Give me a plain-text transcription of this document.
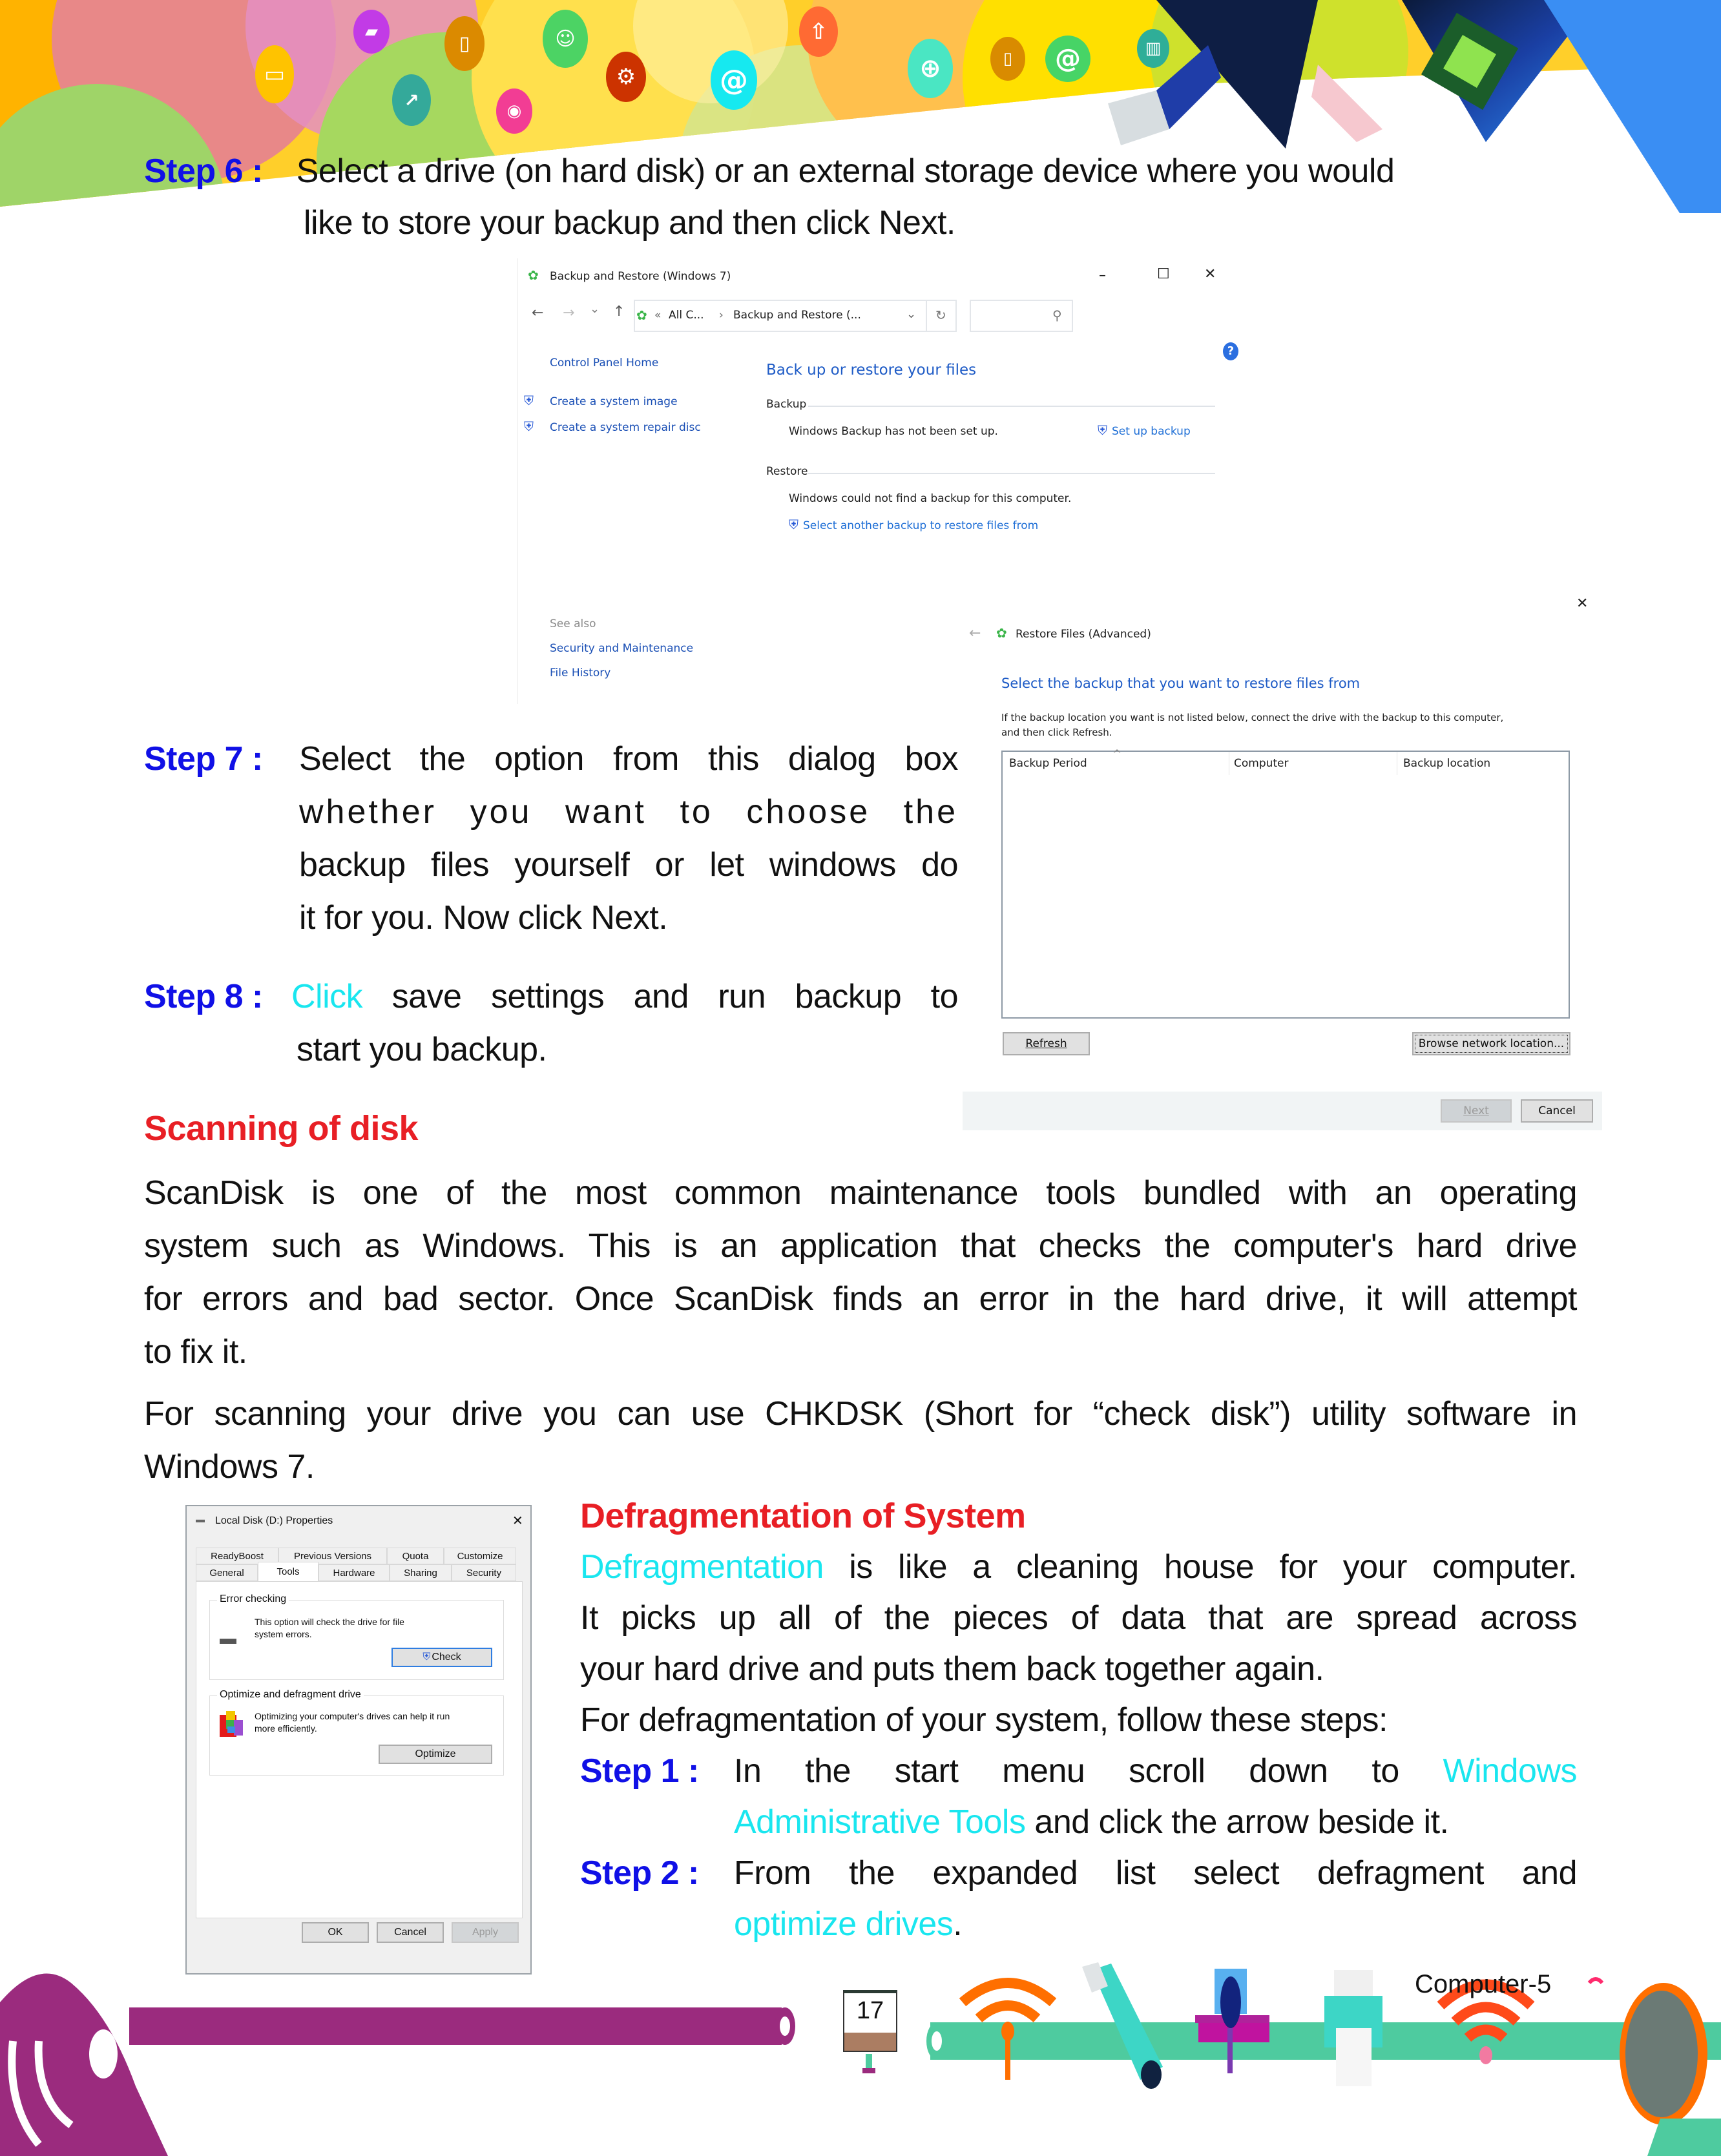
▭
▰
↗
▯
◉
☺
⚙	@
⇧
⊕	▯	@	▥
Step 6 : Select a drive (on hard disk) or an external storage device where you would
like to store your backup and then click Next.
✿ Backup and Restore (Windows 7)	–	☐ ✕
← → ⌄ ↑ ✿ « All C... › Backup and Restore (...	⌄ ↻	⚲
?
Control Panel Home
⛨ Create a system image
⛨ Create a system repair disc
See also
Security and Maintenance
File History
Back up or restore your files
Backup
Windows Backup has not been set up.	⛨ Set up backup
Restore
Windows could not find a backup for this computer.
⛨ Select another backup to restore files from
✕
← ✿ Restore Files (Advanced)
Select the backup that you want to restore files from
If the backup location you want is not listed below, connect the drive with the backup to this computer, and then click Refresh.
Backup Period
^
Computer	Backup location
Refresh	Browse network location...
Next	Cancel
Step 7 :	Select the option from this dialog box
whether you want to choose the
backup files yourself or let windows do
it for you. Now click Next.
Step 8 : Click save settings and run backup to
start you backup.
Scanning of disk
ScanDisk is one of the most common maintenance tools bundled with an operating
system such as Windows. This is an application that checks the computer's hard drive
for errors and bad sector. Once ScanDisk finds an error in the hard drive, it will attempt
to fix it.
For scanning your drive you can use CHKDSK (Short for “check disk”) utility software in
Windows 7.
▬ Local Disk (D:) Properties	✕
ReadyBoost	Previous Versions	Quota	Customize
General	Tools	Hardware	Sharing	Security
Error checking
▬
This option will check the drive for file
system errors.
⛨ Check
Optimize and defragment drive
Optimizing your computer's drives can help it run
more efficiently.
Optimize
OK	Cancel	Apply
Defragmentation of System
Defragmentation is like a cleaning house for your computer.
It picks up all of the pieces of data that are spread across
your hard drive and puts them back together again.
For defragmentation of your system, follow these steps:
Step 1 :	In the start menu scroll down to Windows
Administrative Tools and click the arrow beside it.
Step 2 :	From the expanded list select defragment and
optimize drives.
17
Computer-5
